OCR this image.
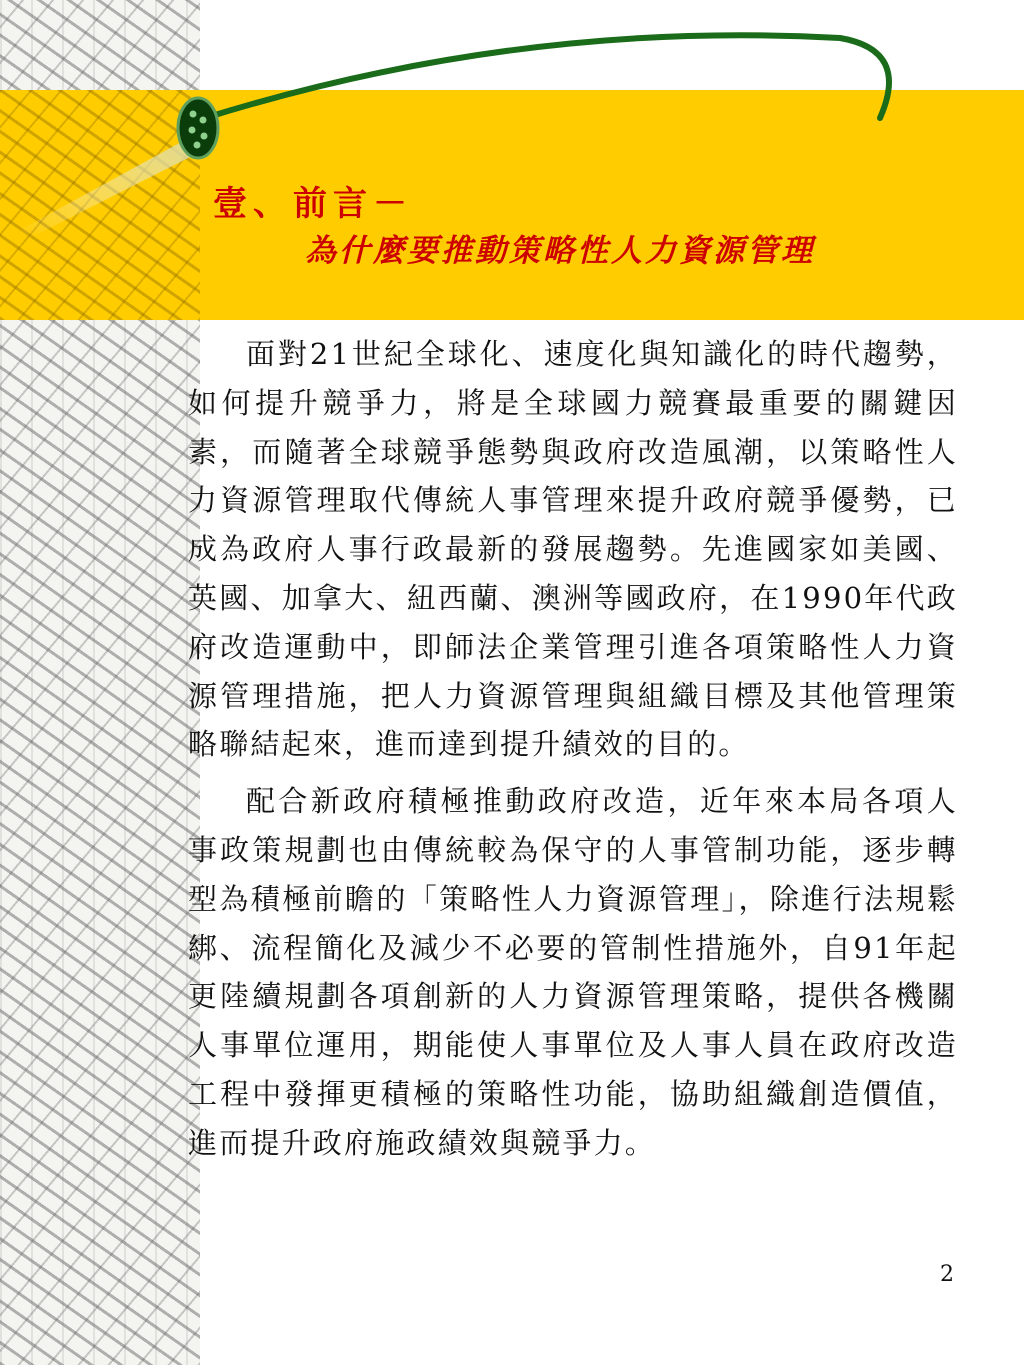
壹、前言－
為什麼要推動策略性人力資源管理

面對21世紀全球化、速度化與知識化的時代趨勢，如何提升競爭力，將是全球國力競賽最重要的關鍵因素，而隨著全球競爭態勢與政府改造風潮，以策略性人力資源管理取代傳統人事管理來提升政府競爭優勢，已成為政府人事行政最新的發展趨勢。先進國家如美國、英國、加拿大、紐西蘭、澳洲等國政府，在1990年代政府改造運動中，即師法企業管理引進各項策略性人力資源管理措施，把人力資源管理與組織目標及其他管理策略聯結起來，進而達到提升績效的目的。

配合新政府積極推動政府改造，近年來本局各項人事政策規劃也由傳統較為保守的人事管制功能，逐步轉型為積極前瞻的「策略性人力資源管理」，除進行法規鬆綁、流程簡化及減少不必要的管制性措施外，自91年起更陸續規劃各項創新的人力資源管理策略，提供各機關人事單位運用，期能使人事單位及人事人員在政府改造工程中發揮更積極的策略性功能，協助組織創造價值，進而提升政府施政績效與競爭力。

2
